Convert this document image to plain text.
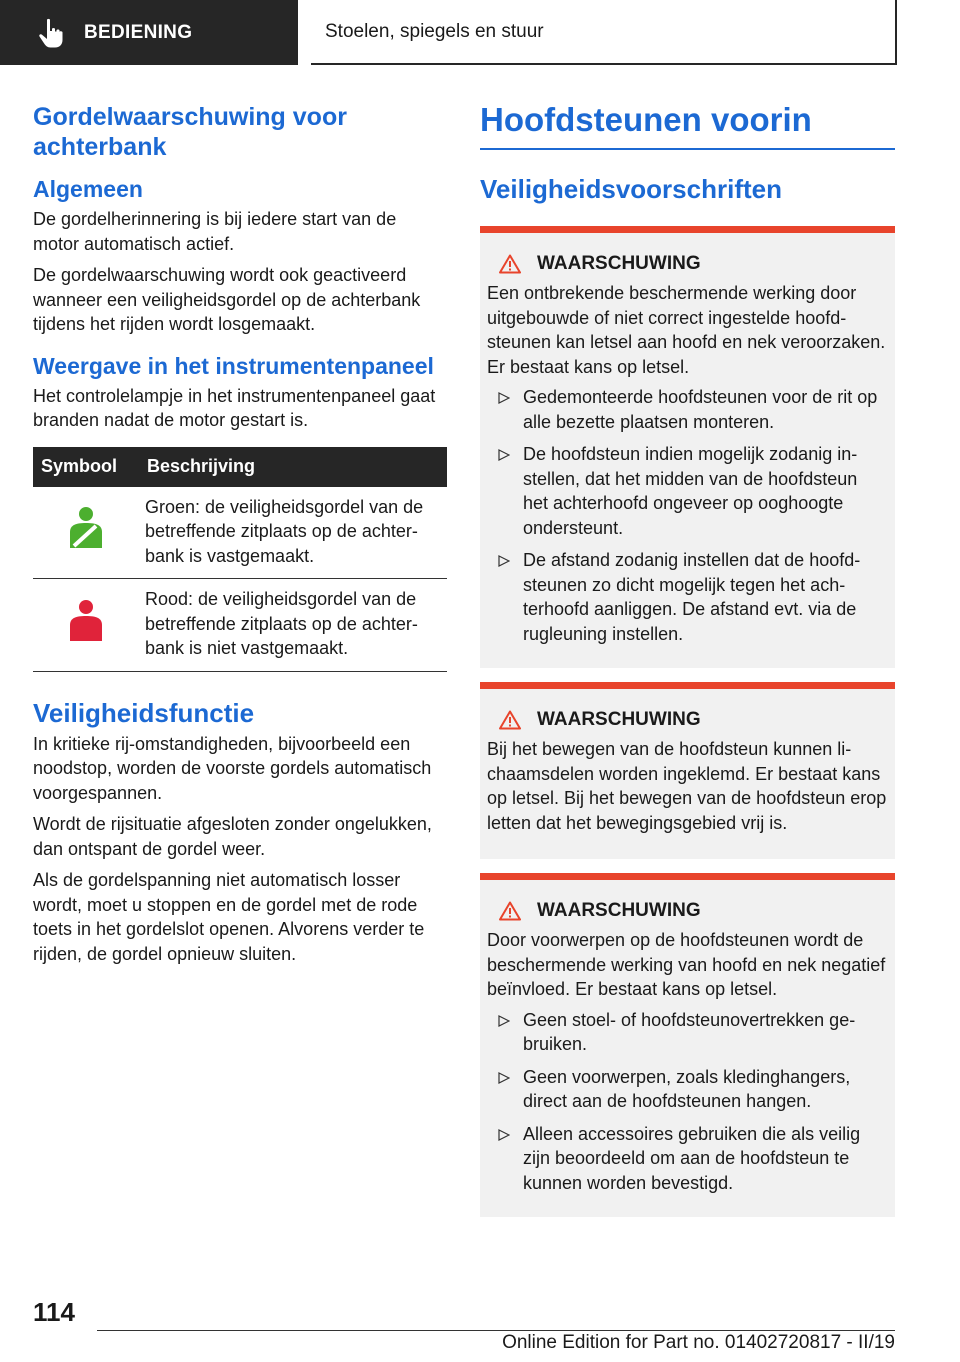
BEDIENING	Stoelen, spiegels en stuur
Gordelwaarschuwing voor achterbank
Algemeen

De gordelherinnering is bij iedere start van de motor automatisch actief.

De gordelwaarschuwing wordt ook geactiveerd wanneer een veiligheidsgordel op de achterbank tijdens het rijden wordt losgemaakt.

Weergave in het instrumentenpaneel

Het controlelampje in het instrumentenpaneel gaat branden nadat de motor gestart is.

Symbool	Beschrijving
	Groen: de veiligheidsgordel van de betreffende zitplaats op de achterbank is vastgemaakt.
	Rood: de veiligheidsgordel van de betreffende zitplaats op de achterbank is niet vastgemaakt.
Veiligheidsfunctie

In kritieke rij-omstandigheden, bijvoorbeeld een noodstop, worden de voorste gordels automatisch voorgespannen.

Wordt de rijsituatie afgesloten zonder ongelukken, dan ontspant de gordel weer.

Als de gordelspanning niet automatisch losser wordt, moet u stoppen en de gordel met de rode toets in het gordelslot openen. Alvorens verder te rijden, de gordel opnieuw sluiten.

Hoofdsteunen voorin
Veiligheidsvoorschriften
WAARSCHUWING

Een ontbrekende beschermende werking door uitgebouwde of niet correct ingestelde hoofdsteunen kan letsel aan hoofd en nek veroorzaken. Er bestaat kans op letsel.

Gedemonteerde hoofdsteunen voor de rit op alle bezette plaatsen monteren.
De hoofdsteun indien mogelijk zodanig instellen, dat het midden van de hoofdsteun het achterhoofd ongeveer op ooghoogte ondersteunt.
De afstand zodanig instellen dat de hoofdsteunen zo dicht mogelijk tegen het achterhoofd aanliggen. De afstand evt. via de rugleuning instellen.
WAARSCHUWING

Bij het bewegen van de hoofdsteun kunnen lichaamsdelen worden ingeklemd. Er bestaat kans op letsel. Bij het bewegen van de hoofdsteun erop letten dat het bewegingsgebied vrij is.

WAARSCHUWING

Door voorwerpen op de hoofdsteunen wordt de beschermende werking van hoofd en nek negatief beïnvloed. Er bestaat kans op letsel.

Geen stoel- of hoofdsteunovertrekken gebruiken.
Geen voorwerpen, zoals kledinghangers, direct aan de hoofdsteunen hangen.
Alleen accessoires gebruiken die als veilig zijn beoordeeld om aan de hoofdsteun te kunnen worden bevestigd.
114
Online Edition for Part no. 01402720817 - II/19
